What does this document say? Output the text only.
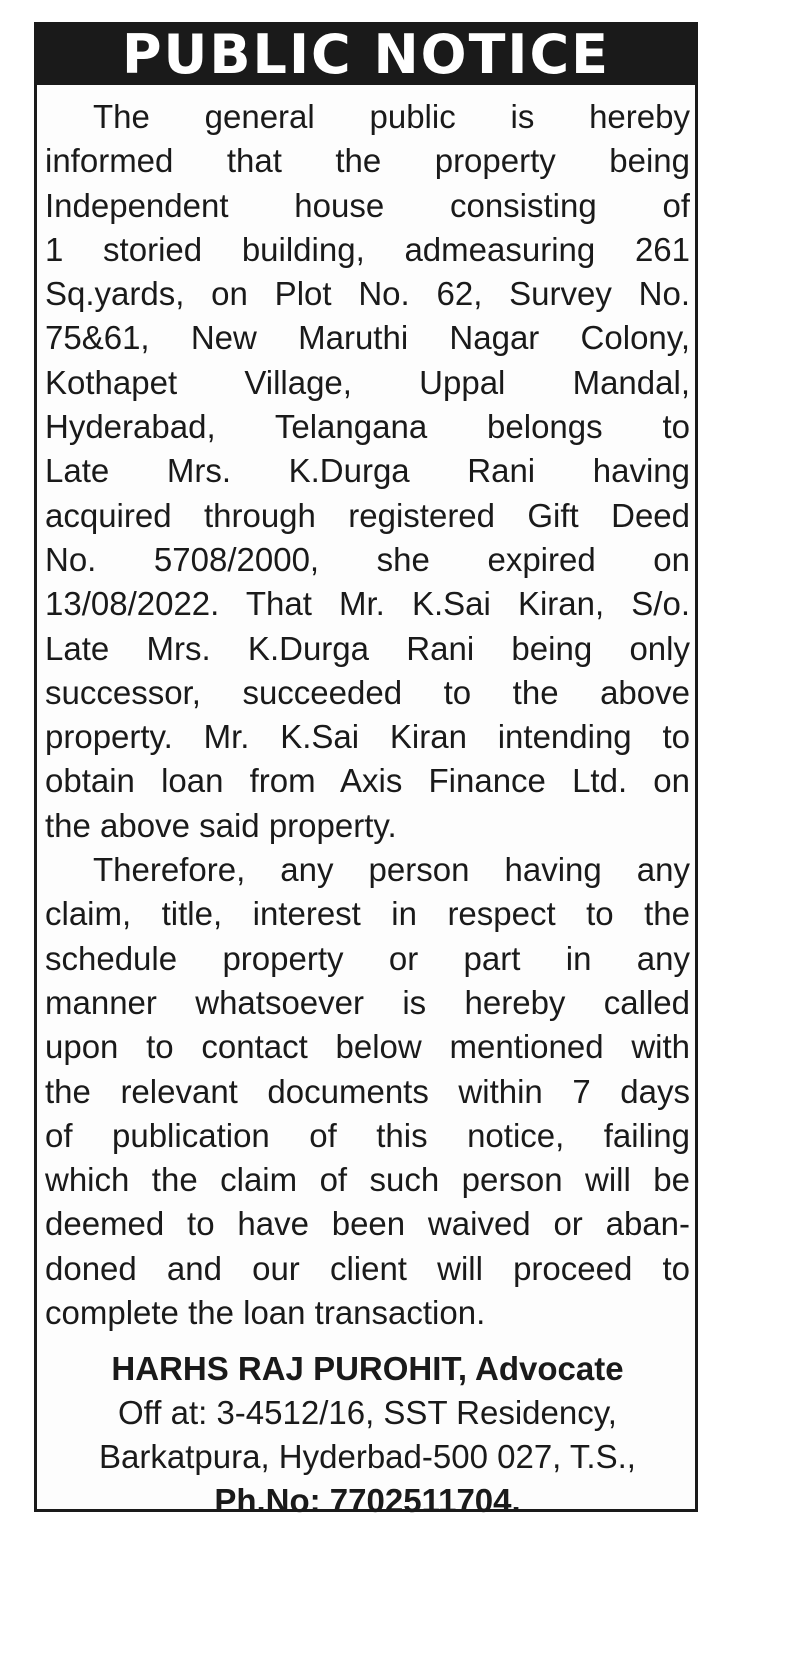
PUBLIC NOTICE
The general public is hereby
informed that the property being
Independent house consisting of
1 storied building, admeasuring 261
Sq.yards, on Plot No. 62, Survey No.
75&61, New Maruthi Nagar Colony,
Kothapet Village, Uppal Mandal,
Hyderabad, Telangana belongs to
Late Mrs. K.Durga Rani having
acquired through registered Gift Deed
No. 5708/2000, she expired on
13/08/2022. That Mr. K.Sai Kiran, S/o.
Late Mrs. K.Durga Rani being only
successor, succeeded to the above
property. Mr. K.Sai Kiran intending to
obtain loan from Axis Finance Ltd. on
the above said property.
Therefore, any person having any
claim, title, interest in respect to the
schedule property or part in any
manner whatsoever is hereby called
upon to contact below mentioned with
the relevant documents within 7 days
of publication of this notice, failing
which the claim of such person will be
deemed to have been waived or aban-
doned and our client will proceed to
complete the loan transaction.
HARHS RAJ PUROHIT, Advocate
Off at: 3-4512/16, SST Residency,
Barkatpura, Hyderbad-500 027, T.S.,
Ph.No: 7702511704.
